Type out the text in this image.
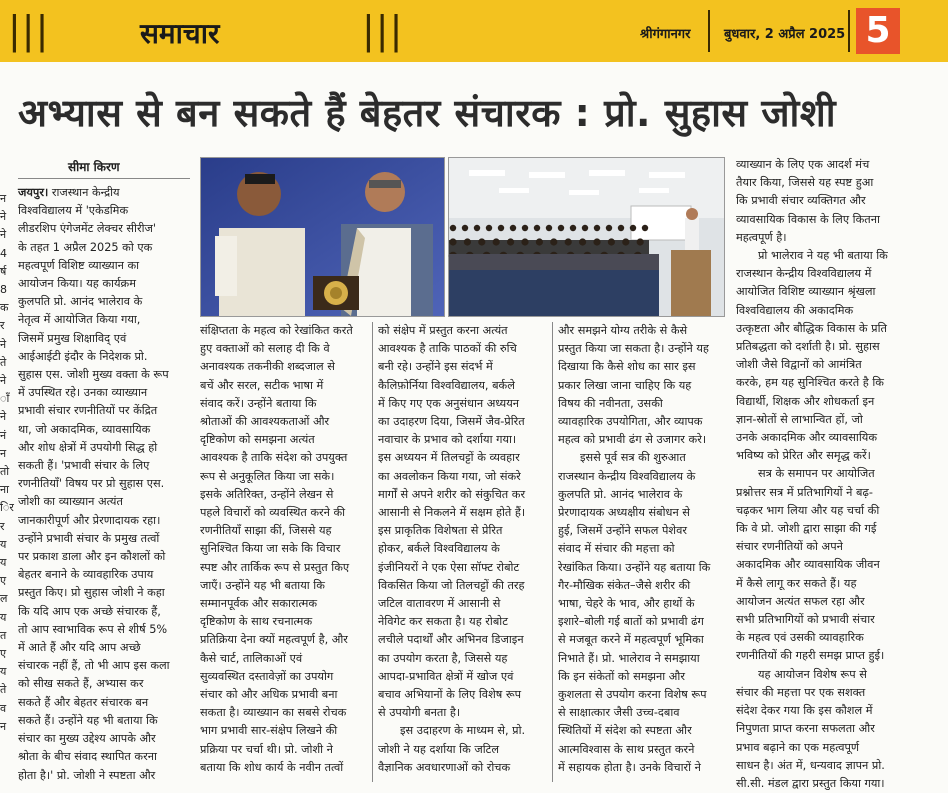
|||	समाचार	|||	श्रीगंगानगर	बुधवार, 2 अप्रैल 2025 5
अभ्यास से बन सकते हैं बेहतर संचारक : प्रो. सुहास जोशी
न
ने
ने
4
र्ष
8
क
र
ने
ते
ने
ाँ
ने
नं
न
तो
ना
िर
र
य
य
ए
ल
य
त
ए
य
ते
व
न
सीमा किरण
जयपुर। राजस्थान केन्द्रीय
विश्वविद्यालय में 'एकेडमिक
लीडरशिप एंगेजमेंट लेक्चर सीरीज'
के तहत 1 अप्रैल 2025 को एक
महत्वपूर्ण विशिष्ट व्याख्यान का
आयोजन किया। यह कार्यक्रम
कुलपति प्रो. आनंद भालेराव के
नेतृत्व में आयोजित किया गया,
जिसमें प्रमुख शिक्षाविद् एवं
आईआईटी इंदौर के निदेशक प्रो.
सुहास एस. जोशी मुख्य वक्ता के रूप
में उपस्थित रहे। उनका व्याख्यान
प्रभावी संचार रणनीतियों पर केंद्रित
था, जो अकादमिक, व्यावसायिक
और शोध क्षेत्रों में उपयोगी सिद्ध हो
सकती हैं। 'प्रभावी संचार के लिए
रणनीतियाँ' विषय पर प्रो सुहास एस.
जोशी का व्याख्यान अत्यंत
जानकारीपूर्ण और प्रेरणादायक रहा।
उन्होंने प्रभावी संचार के प्रमुख तत्वों
पर प्रकाश डाला और इन कौशलों को
बेहतर बनाने के व्यावहारिक उपाय
प्रस्तुत किए। प्रो सुहास जोशी ने कहा
कि यदि आप एक अच्छे संचारक हैं,
तो आप स्वाभाविक रूप से शीर्ष 5%
में आते हैं और यदि आप अच्छे
संचारक नहीं हैं, तो भी आप इस कला
को सीख सकते हैं, अभ्यास कर
सकते हैं और बेहतर संचारक बन
सकते हैं। उन्होंने यह भी बताया कि
संचार का मुख्य उद्देश्य आपके और
श्रोता के बीच संवाद स्थापित करना
होता है।' प्रो. जोशी ने स्पष्टता और
संक्षिप्तता के महत्व को रेखांकित करते
हुए वक्ताओं को सलाह दी कि वे
अनावश्यक तकनीकी शब्दजाल से
बचें और सरल, सटीक भाषा में
संवाद करें। उन्होंने बताया कि
श्रोताओं की आवश्यकताओं और
दृष्टिकोण को समझना अत्यंत
आवश्यक है ताकि संदेश को उपयुक्त
रूप से अनुकूलित किया जा सके।
इसके अतिरिक्त, उन्होंने लेखन से
पहले विचारों को व्यवस्थित करने की
रणनीतियाँ साझा कीं, जिससे यह
सुनिश्चित किया जा सके कि विचार
स्पष्ट और तार्किक रूप से प्रस्तुत किए
जाएँ। उन्होंने यह भी बताया कि
सम्मानपूर्वक और सकारात्मक
दृष्टिकोण के साथ रचनात्मक
प्रतिक्रिया देना क्यों महत्वपूर्ण है, और
कैसे चार्ट, तालिकाओं एवं
सुव्यवस्थित दस्तावेज़ों का उपयोग
संचार को और अधिक प्रभावी बना
सकता है। व्याख्यान का सबसे रोचक
भाग प्रभावी सार-संक्षेप लिखने की
प्रक्रिया पर चर्चा थी। प्रो. जोशी ने
बताया कि शोध कार्य के नवीन तत्वों
को संक्षेप में प्रस्तुत करना अत्यंत
आवश्यक है ताकि पाठकों की रुचि
बनी रहे। उन्होंने इस संदर्भ में
कैलिफ़ोर्निया विश्वविद्यालय, बर्कले
में किए गए एक अनुसंधान अध्ययन
का उदाहरण दिया, जिसमें जैव-प्रेरित
नवाचार के प्रभाव को दर्शाया गया।
इस अध्ययन में तिलचट्टों के व्यवहार
का अवलोकन किया गया, जो संकरे
मार्गों से अपने शरीर को संकुचित कर
आसानी से निकलने में सक्षम होते हैं।
इस प्राकृतिक विशेषता से प्रेरित
होकर, बर्कले विश्वविद्यालय के
इंजीनियरों ने एक ऐसा सॉफ्ट रोबोट
विकसित किया जो तिलचट्टों की तरह
जटिल वातावरण में आसानी से
नेविगेट कर सकता है। यह रोबोट
लचीले पदार्थों और अभिनव डिजाइन
का उपयोग करता है, जिससे यह
आपदा-प्रभावित क्षेत्रों में खोज एवं
बचाव अभियानों के लिए विशेष रूप
से उपयोगी बनता है।
इस उदाहरण के माध्यम से, प्रो.
जोशी ने यह दर्शाया कि जटिल
वैज्ञानिक अवधारणाओं को रोचक
और समझने योग्य तरीके से कैसे
प्रस्तुत किया जा सकता है। उन्होंने यह
दिखाया कि कैसे शोध का सार इस
प्रकार लिखा जाना चाहिए कि यह
विषय की नवीनता, उसकी
व्यावहारिक उपयोगिता, और व्यापक
महत्व को प्रभावी ढंग से उजागर करे।
इससे पूर्व सत्र की शुरुआत
राजस्थान केन्द्रीय विश्वविद्यालय के
कुलपति प्रो. आनंद भालेराव के
प्रेरणादायक अध्यक्षीय संबोधन से
हुई, जिसमें उन्होंने सफल पेशेवर
संवाद में संचार की महत्ता को
रेखांकित किया। उन्होंने यह बताया कि
गैर-मौखिक संकेत–जैसे शरीर की
भाषा, चेहरे के भाव, और हाथों के
इशारे–बोली गई बातों को प्रभावी ढंग
से मजबूत करने में महत्वपूर्ण भूमिका
निभाते हैं। प्रो. भालेराव ने समझाया
कि इन संकेतों को समझना और
कुशलता से उपयोग करना विशेष रूप
से साक्षात्कार जैसी उच्च-दबाव
स्थितियों में संदेश को स्पष्टता और
आत्मविश्वास के साथ प्रस्तुत करने
में सहायक होता है। उनके विचारों ने
व्याख्यान के लिए एक आदर्श मंच
तैयार किया, जिससे यह स्पष्ट हुआ
कि प्रभावी संचार व्यक्तिगत और
व्यावसायिक विकास के लिए कितना
महत्वपूर्ण है।
प्रो भालेराव ने यह भी बताया कि
राजस्थान केन्द्रीय विश्वविद्यालय में
आयोजित विशिष्ट व्याख्यान श्रृंखला
विश्वविद्यालय की अकादमिक
उत्कृष्टता और बौद्धिक विकास के प्रति
प्रतिबद्धता को दर्शाती है। प्रो. सुहास
जोशी जैसे विद्वानों को आमंत्रित
करके, हम यह सुनिश्चित करते है कि
विद्यार्थी, शिक्षक और शोधकर्ता इन
ज्ञान-स्रोतों से लाभान्वित हों, जो
उनके अकादमिक और व्यावसायिक
भविष्य को प्रेरित और समृद्ध करें।
सत्र के समापन पर आयोजित
प्रश्नोत्तर सत्र में प्रतिभागियों ने बढ़-
चढ़कर भाग लिया और यह चर्चा की
कि वे प्रो. जोशी द्वारा साझा की गई
संचार रणनीतियों को अपने
अकादमिक और व्यावसायिक जीवन
में कैसे लागू कर सकते हैं। यह
आयोजन अत्यंत सफल रहा और
सभी प्रतिभागियों को प्रभावी संचार
के महत्व एवं उसकी व्यावहारिक
रणनीतियों की गहरी समझ प्राप्त हुई।
यह आयोजन विशेष रूप से
संचार की महत्ता पर एक सशक्त
संदेश देकर गया कि इस कौशल में
निपुणता प्राप्त करना सफलता और
प्रभाव बढ़ाने का एक महत्वपूर्ण
साधन है। अंत में, धन्यवाद ज्ञापन प्रो.
सी.सी. मंडल द्वारा प्रस्तुत किया गया।
